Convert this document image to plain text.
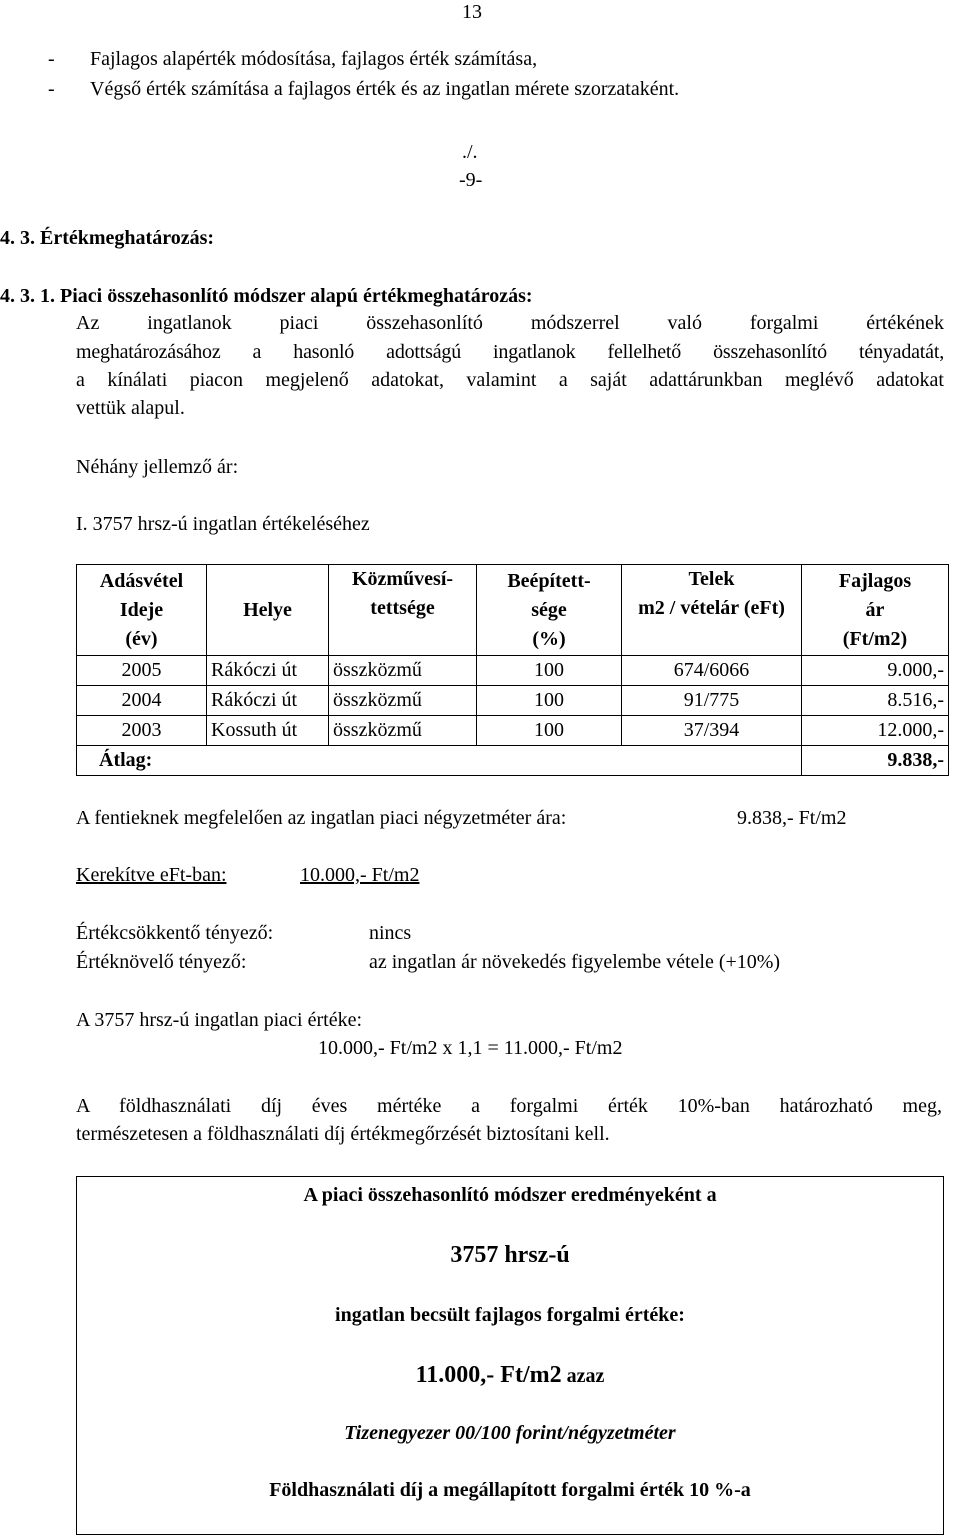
13
- Fajlagos alapérték módosítása, fajlagos érték számítása,
- Végső érték számítása a fajlagos érték és az ingatlan mérete szorzataként.
./.
-9-
4. 3. Értékmeghatározás:
4. 3. 1. Piaci összehasonlító módszer alapú értékmeghatározás:
Az ingatlanok piaci összehasonlító módszerrel való forgalmi értékének
meghatározásához a hasonló adottságú ingatlanok fellelhető összehasonlító tényadatát,
a kínálati piacon megjelenő adatokat, valamint a saját adattárunkban meglévő adatokat
vettük alapul.
Néhány jellemző ár:
I. 3757 hrsz-ú ingatlan értékeléséhez
Adásvétel
Ideje
(év)	Helye	Közművesí-
tettsége	Beépített-
sége
(%)	Telek
m2 / vételár (eFt)	Fajlagos
ár
(Ft/m2)

2005	Rákóczi út	összközmű	100	674/6066	9.000,-
2004	Rákóczi út	összközmű	100	91/775	8.516,-
2003	Kossuth út	összközmű	100	37/394	12.000,-
Átlag:					9.838,-
A fentieknek megfelelően az ingatlan piaci négyzetméter ára:	9.838,- Ft/m2
Kerekítve eFt-ban:	10.000,- Ft/m2
Értékcsökkentő tényező:	nincs
Értéknövelő tényező:	az ingatlan ár növekedés figyelembe vétele (+10%)
A 3757 hrsz-ú ingatlan piaci értéke:
10.000,- Ft/m2 x 1,1 = 11.000,- Ft/m2
A földhasználati díj éves mértéke a forgalmi érték 10%-ban határozható meg,
természetesen a földhasználati díj értékmegőrzését biztosítani kell.
A piaci összehasonlító módszer eredményeként a
3757 hrsz-ú
ingatlan becsült fajlagos forgalmi értéke:
11.000,- Ft/m2 azaz
Tizenegyezer 00/100 forint/négyzetméter
Földhasználati díj a megállapított forgalmi érték 10 %-a
